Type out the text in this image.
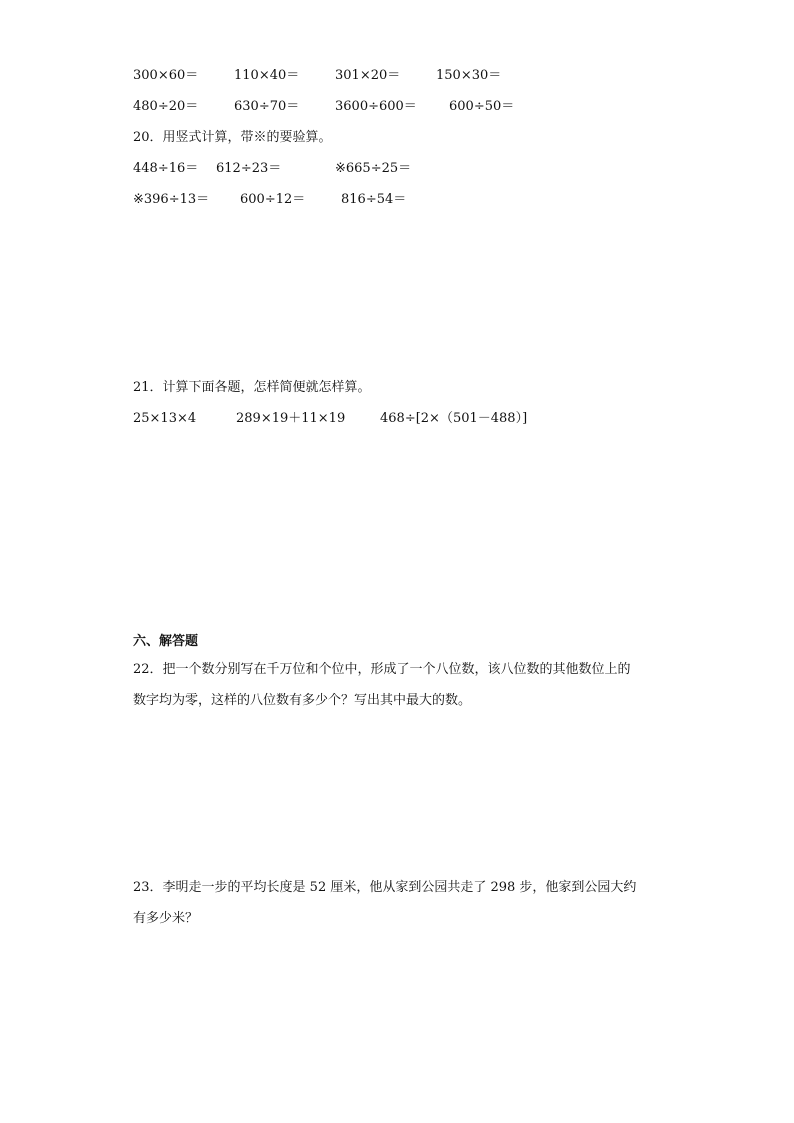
300×60＝	110×40＝	301×20＝	150×30＝
480÷20＝	630÷70＝	3600÷600＝ 600÷50＝
20．用竖式计算，带※的要验算。
448÷16＝ 612÷23＝	※665÷25＝
※396÷13＝ 600÷12＝	816÷54＝
21．计算下面各题，怎样简便就怎样算。
25×13×4	289×19＋11×19	468÷[2×（501－488）]
六、解答题
22．把一个数分别写在千万位和个位中，形成了一个八位数，该八位数的其他数位上的
数字均为零，这样的八位数有多少个？写出其中最大的数。
23．李明走一步的平均长度是 52 厘米，他从家到公园共走了 298 步，他家到公园大约
有多少米？
